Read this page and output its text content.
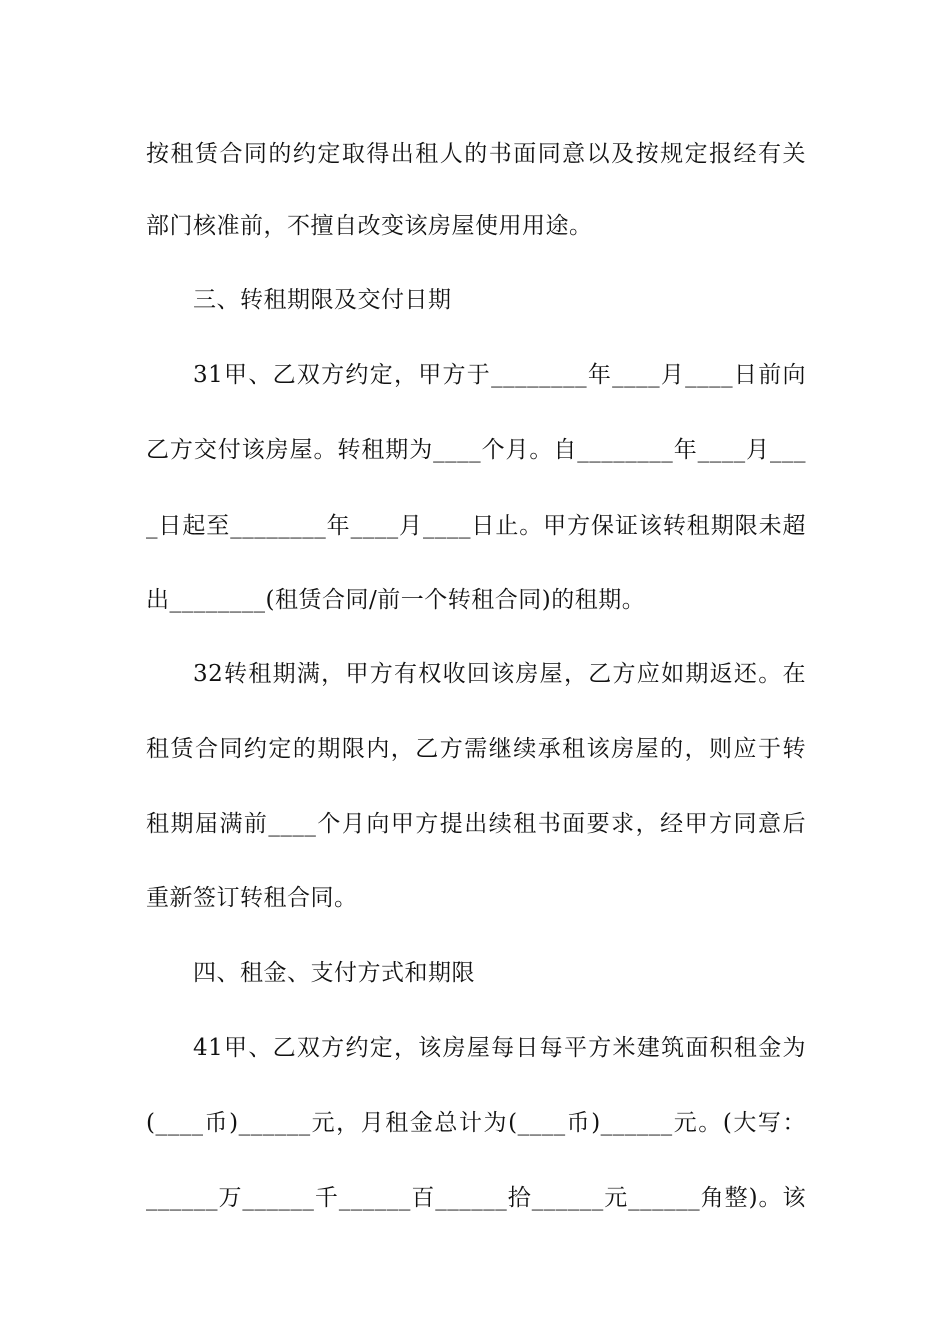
按租赁合同的约定取得出租人的书面同意以及按规定报经有关
部门核准前，不擅自改变该房屋使用用途。
三、转租期限及交付日期
31甲、乙双方约定，甲方于________年____月____日前向
乙方交付该房屋。转租期为____个月。自________年____月___
_日起至________年____月____日止。甲方保证该转租期限未超
出________(租赁合同/前一个转租合同)的租期。
32转租期满，甲方有权收回该房屋，乙方应如期返还。在
租赁合同约定的期限内，乙方需继续承租该房屋的，则应于转
租期届满前____个月向甲方提出续租书面要求，经甲方同意后
重新签订转租合同。
四、租金、支付方式和期限
41甲、乙双方约定，该房屋每日每平方米建筑面积租金为
(____币)______元，月租金总计为(____币)______元。(大写：
______万______千______百______拾______元______角整)。该
